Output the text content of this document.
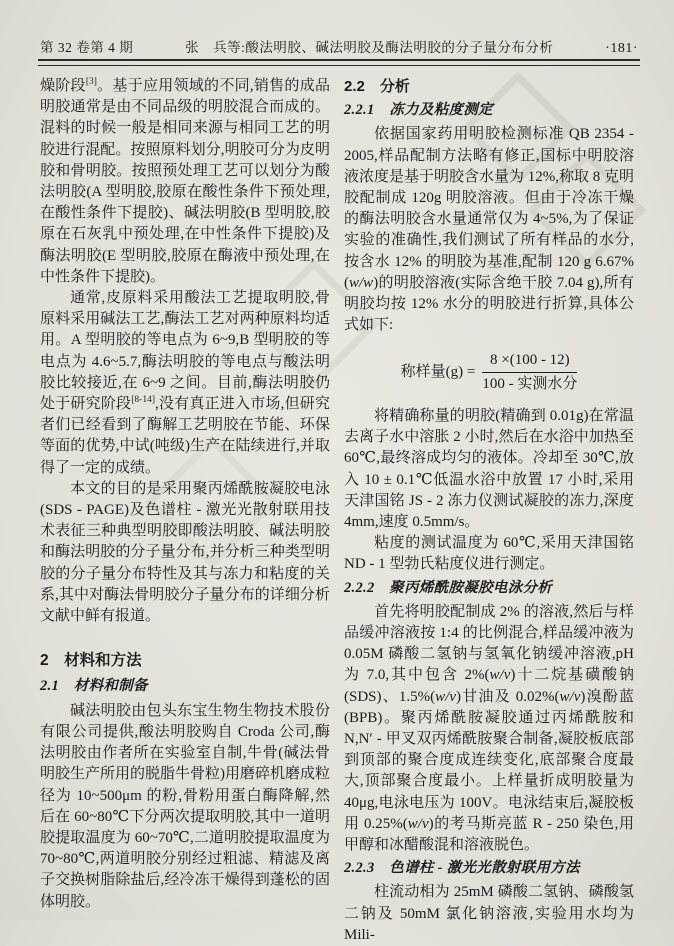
第 32 卷第 4 期	张　兵等:酸法明胶、碱法明胶及酶法明胶的分子量分布分析	·181·

燥阶段[3]。基于应用领域的不同,销售的成品明胶通常是由不同品级的明胶混合而成的。混料的时候一般是相同来源与相同工艺的明胶进行混配。按照原料划分,明胶可分为皮明胶和骨明胶。按照预处理工艺可以划分为酸法明胶(A 型明胶,胶原在酸性条件下预处理,在酸性条件下提胶)、碱法明胶(B 型明胶,胶原在石灰乳中预处理,在中性条件下提胶)及酶法明胶(E 型明胶,胶原在酶液中预处理,在中性条件下提胶)。

通常,皮原料采用酸法工艺提取明胶,骨原料采用碱法工艺,酶法工艺对两种原料均适用。A 型明胶的等电点为 6~9,B 型明胶的等电点为 4.6~5.7,酶法明胶的等电点与酸法明胶比较接近,在 6~9 之间。目前,酶法明胶仍处于研究阶段[8-14],没有真正进入市场,但研究者们已经看到了酶解工艺明胶在节能、环保等面的优势,中试(吨级)生产在陆续进行,并取得了一定的成绩。

本文的目的是采用聚丙烯酰胺凝胶电泳(SDS - PAGE)及色谱柱 - 激光光散射联用技术表征三种典型明胶即酸法明胶、碱法明胶和酶法明胶的分子量分布,并分析三种类型明胶的分子量分布特性及其与冻力和粘度的关系,其中对酶法骨明胶分子量分布的详细分析文献中鲜有报道。

2　材料和方法
2.1　材料和制备

碱法明胶由包头东宝生物生物技术股份有限公司提供,酸法明胶购自 Croda 公司,酶法明胶由作者所在实验室自制,牛骨(碱法骨明胶生产所用的脱脂牛骨粒)用磨碎机磨成粒径为 10~500μm 的粉,骨粉用蛋白酶降解,然后在 60~80℃下分两次提取明胶,其中一道明胶提取温度为 60~70℃,二道明胶提取温度为 70~80℃,两道明胶分别经过粗滤、精滤及离子交换树脂除盐后,经冷冻干燥得到蓬松的固体明胶。

2.2　分析
2.2.1　冻力及粘度测定

依据国家药用明胶检测标准 QB 2354 - 2005,样品配制方法略有修正,国标中明胶溶液浓度是基于明胶含水量为 12%,称取 8 克明胶配制成 120g 明胶溶液。但由于冷冻干燥的酶法明胶含水量通常仅为 4~5%,为了保证实验的准确性,我们测试了所有样品的水分,按含水 12% 的明胶为基准,配制 120 g 6.67%(w/w)的明胶溶液(实际含绝干胶 7.04 g),所有明胶均按 12% 水分的明胶进行折算,具体公式如下:

称样量$(g) = \frac{8 \times(100 - 12)}{\text{100 - 实测水分}}$

将精确称量的明胶(精确到 0.01g)在常温去离子水中溶胀 2 小时,然后在水浴中加热至 60℃,最终溶成均匀的液体。冷却至 30℃,放入 10 ± 0.1℃低温水浴中放置 17 小时,采用天津国铭 JS - 2 冻力仪测试凝胶的冻力,深度 4mm,速度 0.5mm/s。

粘度的测试温度为 60℃,采用天津国铭 ND - 1 型勃氏粘度仪进行测定。

2.2.2　聚丙烯酰胺凝胶电泳分析

首先将明胶配制成 2% 的溶液,然后与样品缓冲溶液按 1:4 的比例混合,样品缓冲液为 0.05M 磷酸二氢钠与氢氧化钠缓冲溶液,pH 为 7.0,其中包含 2%(w/v)十二烷基磺酸钠(SDS)、1.5%(w/v)甘油及 0.02%(w/v)溴酚蓝(BPB)。聚丙烯酰胺凝胶通过丙烯酰胺和 N,N′ - 甲叉双丙烯酰胺聚合制备,凝胶板底部到顶部的聚合度成连续变化,底部聚合度最大,顶部聚合度最小。上样量折成明胶量为 40μg,电泳电压为 100V。电泳结束后,凝胶板用 0.25%(w/v)的考马斯亮蓝 R - 250 染色,用甲醇和冰醋酸混和溶液脱色。

2.2.3　色谱柱 - 激光光散射联用方法

柱流动相为 25mM 磷酸二氢钠、磷酸氢二钠及 50mM 氯化钠溶液,实验用水均为 Mili-
